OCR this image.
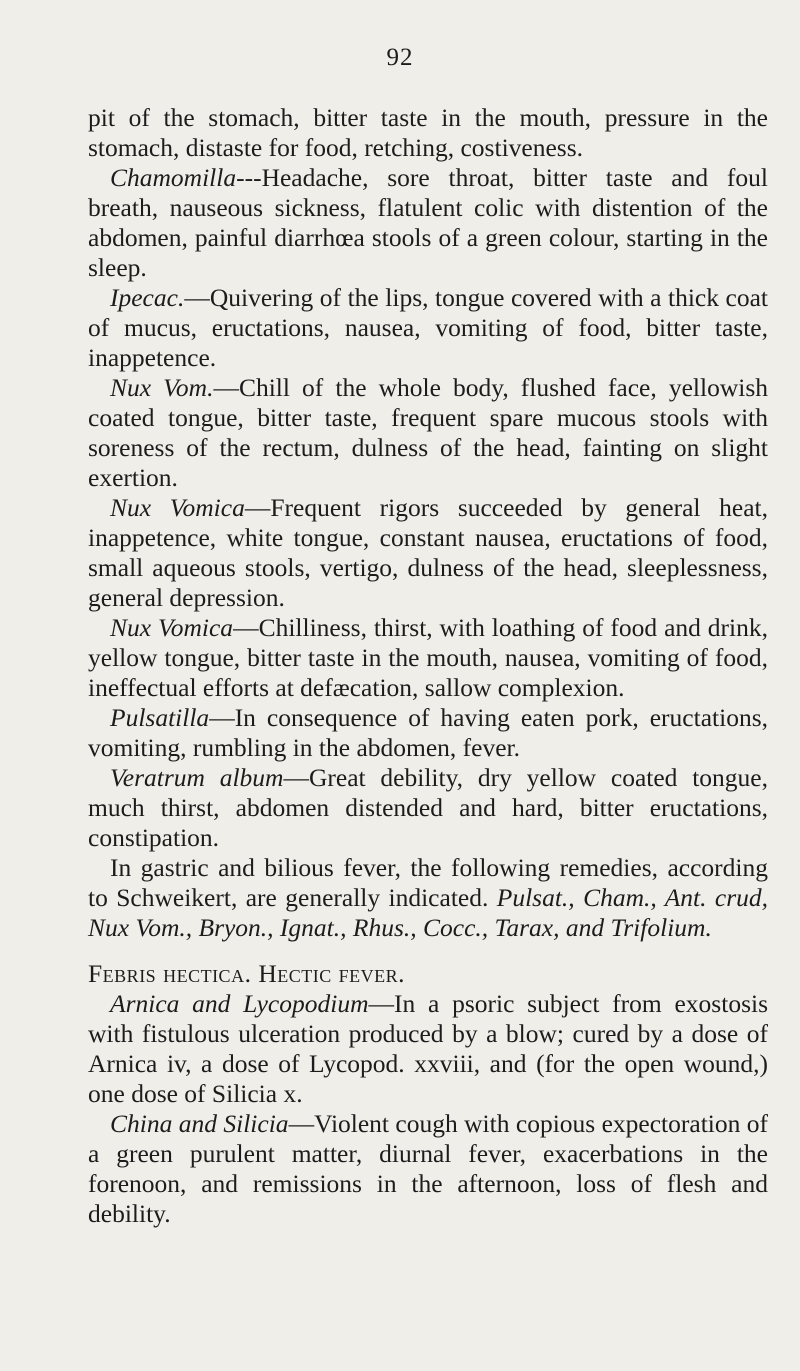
92

pit of the stomach, bitter taste in the mouth, pressure in the stomach, distaste for food, retching, costiveness.

Chamomilla---Headache, sore throat, bitter taste and foul breath, nauseous sickness, flatulent colic with distention of the abdomen, painful diarrhœa stools of a green colour, starting in the sleep.

Ipecac.—Quivering of the lips, tongue covered with a thick coat of mucus, eructations, nausea, vomiting of food, bitter taste, inappetence.

Nux Vom.—Chill of the whole body, flushed face, yellowish coated tongue, bitter taste, frequent spare mucous stools with soreness of the rectum, dulness of the head, fainting on slight exertion.

Nux Vomica—Frequent rigors succeeded by general heat, inappetence, white tongue, constant nausea, eructations of food, small aqueous stools, vertigo, dulness of the head, sleeplessness, general depression.

Nux Vomica—Chilliness, thirst, with loathing of food and drink, yellow tongue, bitter taste in the mouth, nausea, vomiting of food, ineffectual efforts at defæcation, sallow complexion.

Pulsatilla—In consequence of having eaten pork, eructations, vomiting, rumbling in the abdomen, fever.

Veratrum album—Great debility, dry yellow coated tongue, much thirst, abdomen distended and hard, bitter eructations, constipation.

In gastric and bilious fever, the following remedies, according to Schweikert, are generally indicated. Pulsat., Cham., Ant. crud, Nux Vom., Bryon., Ignat., Rhus., Cocc., Tarax, and Trifolium.

Febris hectica. Hectic fever.

Arnica and Lycopodium—In a psoric subject from exostosis with fistulous ulceration produced by a blow; cured by a dose of Arnica iv, a dose of Lycopod. xxviii, and (for the open wound,) one dose of Silicia x.

China and Silicia—Violent cough with copious expectoration of a green purulent matter, diurnal fever, exacerbations in the forenoon, and remissions in the afternoon, loss of flesh and debility.
